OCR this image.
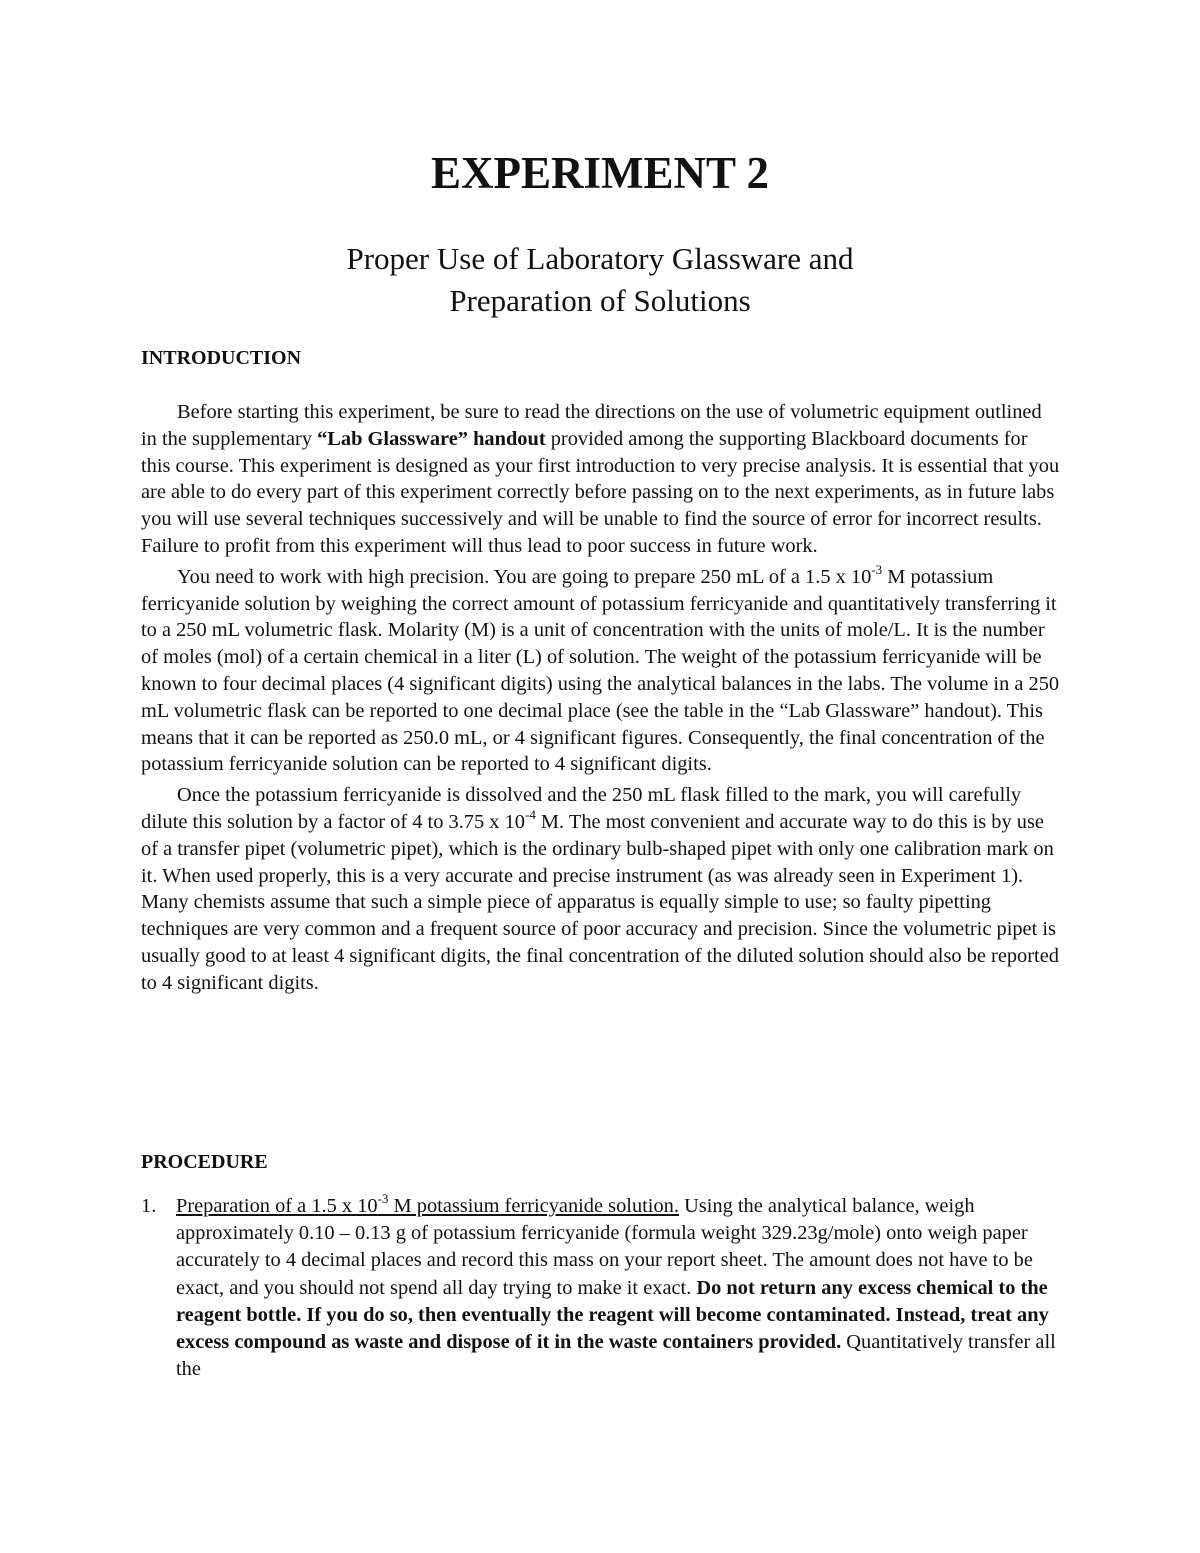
EXPERIMENT 2
Proper Use of Laboratory Glassware and
Preparation of Solutions
INTRODUCTION

Before starting this experiment, be sure to read the directions on the use of volumetric equipment outlined in the supplementary “Lab Glassware” handout provided among the supporting Blackboard documents for this course. This experiment is designed as your first introduction to very precise analysis. It is essential that you are able to do every part of this experiment correctly before passing on to the next experiments, as in future labs you will use several techniques successively and will be unable to find the source of error for incorrect results. Failure to profit from this experiment will thus lead to poor success in future work.

You need to work with high precision. You are going to prepare 250 mL of a 1.5 x $10^{-3}$ M potassium ferricyanide solution by weighing the correct amount of potassium ferricyanide and quantitatively transferring it to a 250 mL volumetric flask. Molarity (M) is a unit of concentration with the units of mole/L. It is the number of moles (mol) of a certain chemical in a liter (L) of solution. The weight of the potassium ferricyanide will be known to four decimal places (4 significant digits) using the analytical balances in the labs. The volume in a 250 mL volumetric flask can be reported to one decimal place (see the table in the “Lab Glassware” handout). This means that it can be reported as 250.0 mL, or 4 significant figures. Consequently, the final concentration of the potassium ferricyanide solution can be reported to 4 significant digits.

Once the potassium ferricyanide is dissolved and the 250 mL flask filled to the mark, you will carefully dilute this solution by a factor of 4 to 3.75 x $10^{-4}$ M. The most convenient and accurate way to do this is by use of a transfer pipet (volumetric pipet), which is the ordinary bulb-shaped pipet with only one calibration mark on it. When used properly, this is a very accurate and precise instrument (as was already seen in Experiment 1). Many chemists assume that such a simple piece of apparatus is equally simple to use; so faulty pipetting techniques are very common and a frequent source of poor accuracy and precision. Since the volumetric pipet is usually good to at least 4 significant digits, the final concentration of the diluted solution should also be reported to 4 significant digits.

PROCEDURE
1. Preparation of a 1.5 x $10^{-3}$ M potassium ferricyanide solution. Using the analytical balance, weigh approximately 0.10 – 0.13 g of potassium ferricyanide (formula weight 329.23g/mole) onto weigh paper accurately to 4 decimal places and record this mass on your report sheet. The amount does not have to be exact, and you should not spend all day trying to make it exact. Do not return any excess chemical to the reagent bottle. If you do so, then eventually the reagent will become contaminated. Instead, treat any excess compound as waste and dispose of it in the waste containers provided. Quantitatively transfer all the
